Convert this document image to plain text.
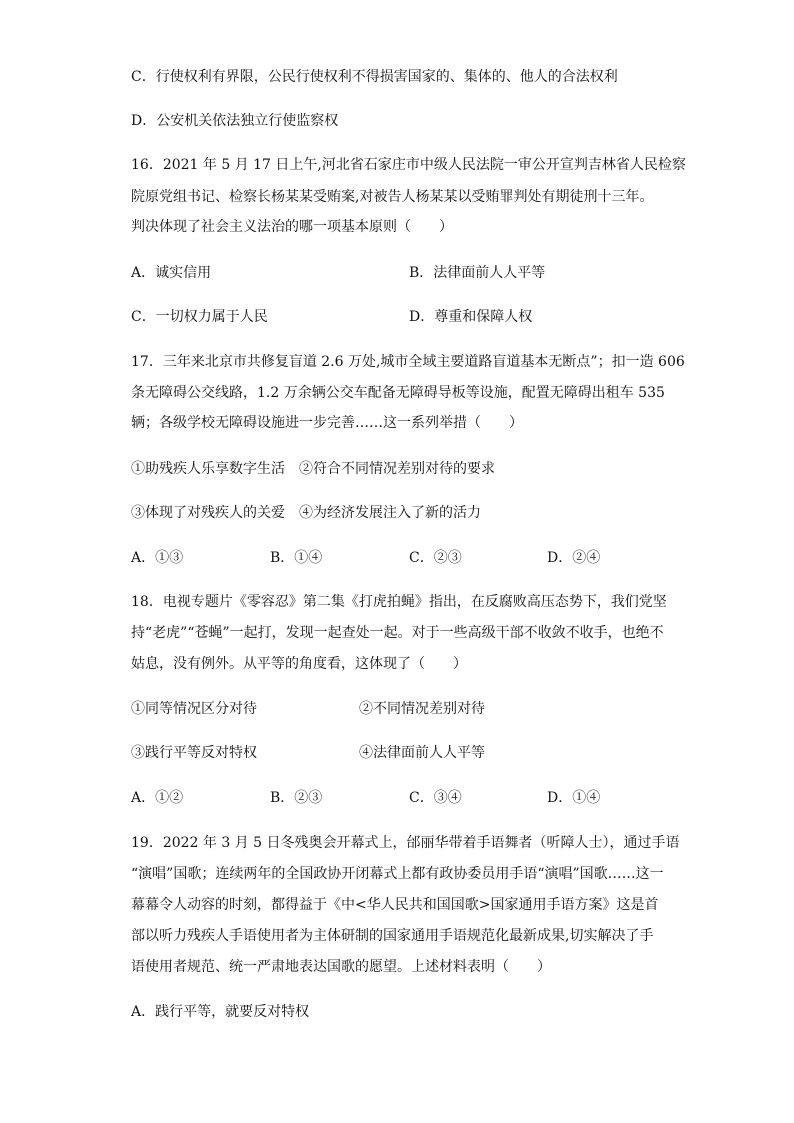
C．行使权利有界限，公民行使权利不得损害国家的、集体的、他人的合法权利
D．公安机关依法独立行使监察权
16．2021 年 5 月 17 日上午,河北省石家庄市中级人民法院一审公开宣判吉林省人民检察
院原党组书记、检察长杨某某受贿案,对被告人杨某某以受贿罪判处有期徒刑十三年。
判决体现了社会主义法治的哪一项基本原则（　　）
A．诚实信用	B．法律面前人人平等
C．一切权力属于人民	D．尊重和保障人权
17．三年来北京市共修复盲道 2.6 万处,城市全域主要道路盲道基本无断点”；扣一造 606
条无障碍公交线路，1.2 万余辆公交车配备无障碍导板等设施，配置无障碍出租车 535
辆；各级学校无障碍设施进一步完善……这一系列举措（　　）
①助残疾人乐享数字生活　②符合不同情况差别对待的要求
③体现了对残疾人的关爱　④为经济发展注入了新的活力
A．①③	B．①④	C．②③	D．②④
18．电视专题片《零容忍》第二集《打虎拍蝇》指出，在反腐败高压态势下，我们党坚
持“老虎”“苍蝇”一起打，发现一起查处一起。对于一些高级干部不收敛不收手，也绝不
姑息，没有例外。从平等的角度看，这体现了（　　）
①同等情况区分对待	②不同情况差别对待
③践行平等反对特权	④法律面前人人平等
A．①②	B．②③	C．③④	D．①④
19．2022 年 3 月 5 日冬残奥会开幕式上，邰丽华带着手语舞者（听障人士），通过手语
“演唱”国歌；连续两年的全国政协开闭幕式上都有政协委员用手语“演唱”国歌……这一
幕幕令人动容的时刻，都得益于《中<华人民共和国国歌>国家通用手语方案》这是首
部以听力残疾人手语使用者为主体研制的国家通用手语规范化最新成果,切实解决了手
语使用者规范、统一严肃地表达国歌的愿望。上述材料表明（　　）
A．践行平等，就要反对特权
